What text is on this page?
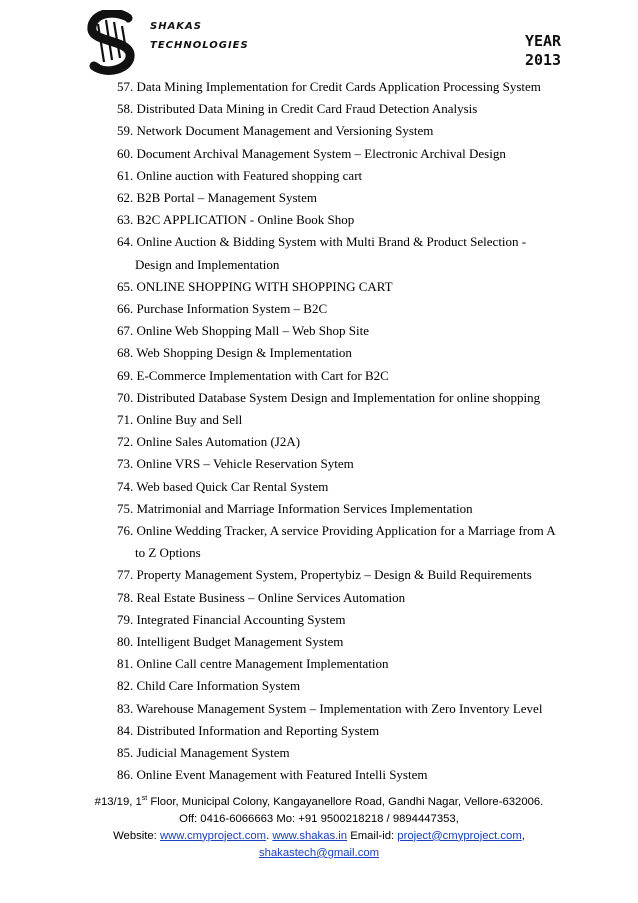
SHAKAS
TECHNOLOGIES	YEAR
2013
57. Data Mining Implementation for Credit Cards Application Processing System
58. Distributed Data Mining in Credit Card Fraud Detection Analysis
59. Network Document Management and Versioning System
60. Document Archival Management System – Electronic Archival Design
61. Online auction with Featured shopping cart
62. B2B Portal – Management System
63. B2C APPLICATION - Online Book Shop
64. Online Auction & Bidding System with Multi Brand & Product Selection -
Design and Implementation
65. ONLINE SHOPPING WITH SHOPPING CART
66. Purchase Information System – B2C
67. Online Web Shopping Mall – Web Shop Site
68. Web Shopping Design & Implementation
69. E-Commerce Implementation with Cart for B2C
70. Distributed Database System Design and Implementation for online shopping
71. Online Buy and Sell
72. Online Sales Automation (J2A)
73. Online VRS – Vehicle Reservation Sytem
74. Web based Quick Car Rental System
75. Matrimonial and Marriage Information Services Implementation
76. Online Wedding Tracker, A service Providing Application for a Marriage from A
to Z Options
77. Property Management System, Propertybiz – Design & Build Requirements
78. Real Estate Business – Online Services Automation
79. Integrated Financial Accounting System
80. Intelligent Budget Management System
81. Online Call centre Management Implementation
82. Child Care Information System
83. Warehouse Management System – Implementation with Zero Inventory Level
84. Distributed Information and Reporting System
85. Judicial Management System
86. Online Event Management with Featured Intelli System
#13/19, 1st Floor, Municipal Colony, Kangayanellore Road, Gandhi Nagar, Vellore-632006.
Off: 0416-6066663 Mo: +91 9500218218 / 9894447353,
Website: www.cmyproject.com. www.shakas.in Email-id: project@cmyproject.com,
shakastech@gmail.com
